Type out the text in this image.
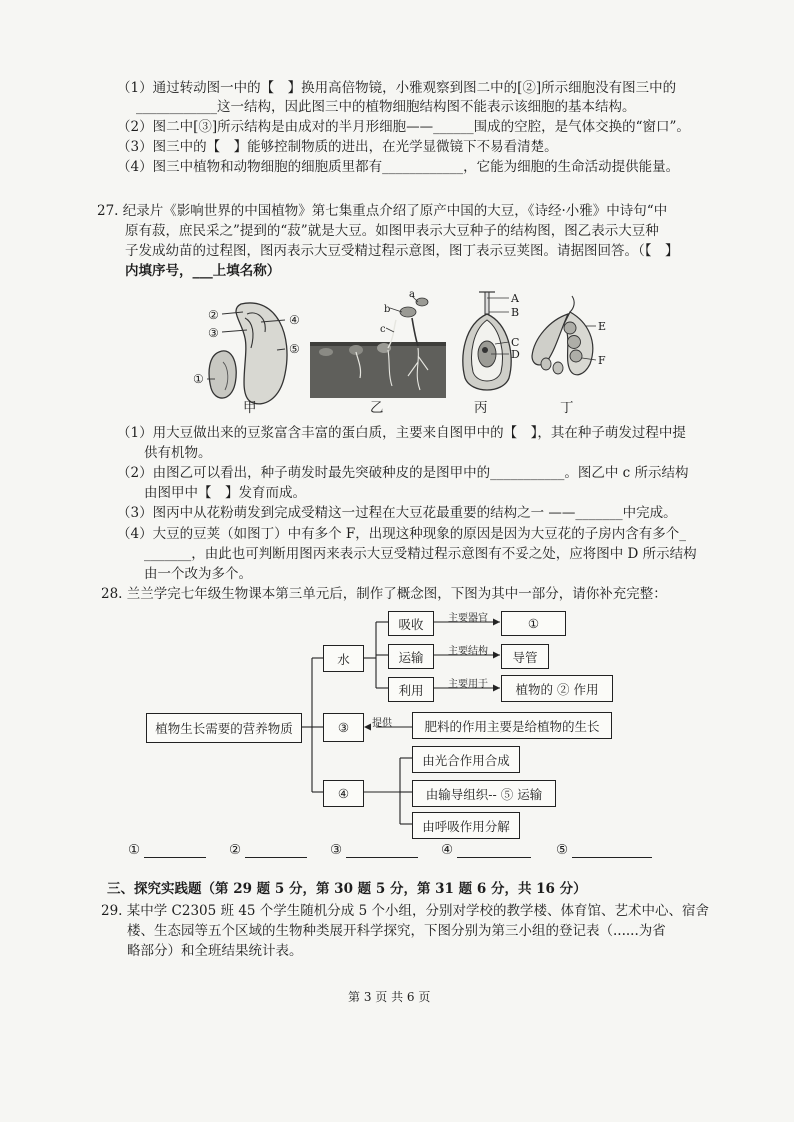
（1）通过转动图一中的【　】换用高倍物镜，小雅观察到图二中的[②]所示细胞没有图三中的
____________这一结构，因此图三中的植物细胞结构图不能表示该细胞的基本结构。
（2）图二中[③]所示结构是由成对的半月形细胞——______围成的空腔，是气体交换的“窗口”。
（3）图三中的【　】能够控制物质的进出，在光学显微镜下不易看清楚。
（4）图三中植物和动物细胞的细胞质里都有____________，它能为细胞的生命活动提供能量。
27. 纪录片《影响世界的中国植物》第七集重点介绍了原产中国的大豆，《诗经·小雅》中诗句“中
原有菽，庶民采之”提到的“菽”就是大豆。如图甲表示大豆种子的结构图，图乙表示大豆种
子发成幼苗的过程图，图丙表示大豆受精过程示意图，图丁表示豆荚图。请据图回答。（【　】
内填序号，___上填名称）
②
③
④
⑤
①
甲
a
b
c
乙
A
B
C
D
丙
E
F
丁
（1）用大豆做出来的豆浆富含丰富的蛋白质，主要来自图甲中的【　】，其在种子萌发过程中提
　　供有机物。
（2）由图乙可以看出，种子萌发时最先突破种皮的是图甲中的___________。图乙中 c 所示结构
　　由图甲中【　】发育而成。
（3）图丙中从花粉萌发到完成受精这一过程在大豆花最重要的结构之一 ——_______中完成。
（4）大豆的豆荚（如图丁）中有多个 F，出现这种现象的原因是因为大豆花的子房内含有多个_
　　_______，由此也可判断用图丙来表示大豆受精过程示意图有不妥之处，应将图中 D 所示结构
　　由一个改为多个。
28. 兰兰学完七年级生物课本第三单元后，制作了概念图，下图为其中一部分，请你补充完整：
植物生长需要的营养物质
水
③
④
吸收
运输
利用
①
导管
植物的 ② 作用
肥料的作用主要是给植物的生长
由光合作用合成
由输导组织-- ⑤ 运输
由呼吸作用分解
主要器官
主要结构
主要用于
提供
①	②	③	④	⑤
三、探究实践题（第 29 题 5 分，第 30 题 5 分，第 31 题 6 分，共 16 分）
29. 某中学 C2305 班 45 个学生随机分成 5 个小组，分别对学校的教学楼、体育馆、艺术中心、宿舍
楼、生态园等五个区域的生物种类展开科学探究，下图分别为第三小组的登记表（......为省
略部分）和全班结果统计表。
第 3 页 共 6 页
